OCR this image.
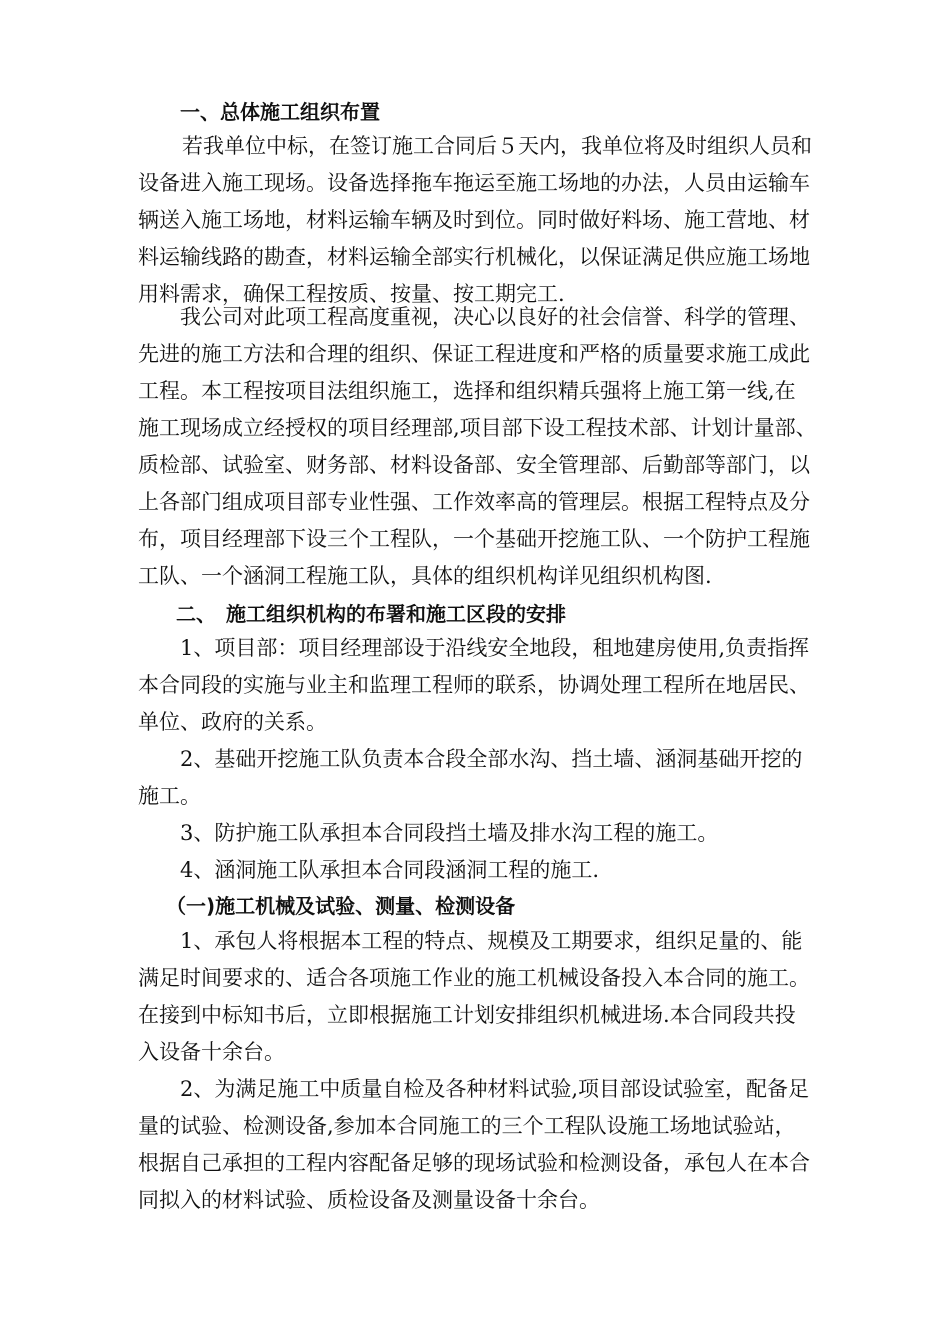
一、总体施工组织布置
若我单位中标，在签订施工合同后５天内，我单位将及时组织人员和
设备进入施工现场。设备选择拖车拖运至施工场地的办法，人员由运输车
辆送入施工场地，材料运输车辆及时到位。同时做好料场、施工营地、材
料运输线路的勘查，材料运输全部实行机械化，以保证满足供应施工场地
用料需求，确保工程按质、按量、按工期完工.
我公司对此项工程高度重视，决心以良好的社会信誉、科学的管理、
先进的施工方法和合理的组织、保证工程进度和严格的质量要求施工成此
工程。本工程按项目法组织施工，选择和组织精兵强将上施工第一线,在
施工现场成立经授权的项目经理部,项目部下设工程技术部、计划计量部、
质检部、试验室、财务部、材料设备部、安全管理部、后勤部等部门，以
上各部门组成项目部专业性强、工作效率高的管理层。根据工程特点及分
布，项目经理部下设三个工程队，一个基础开挖施工队、一个防护工程施
工队、一个涵洞工程施工队，具体的组织机构详见组织机构图.
二、　施工组织机构的布署和施工区段的安排
1、项目部：项目经理部设于沿线安全地段，租地建房使用,负责指挥
本合同段的实施与业主和监理工程师的联系，协调处理工程所在地居民、
单位、政府的关系。
2、基础开挖施工队负责本合段全部水沟、挡土墙、涵洞基础开挖的
施工。
3、防护施工队承担本合同段挡土墙及排水沟工程的施工。
4、涵洞施工队承担本合同段涵洞工程的施工.
（一)施工机械及试验、测量、检测设备
1、承包人将根据本工程的特点、规模及工期要求，组织足量的、能
满足时间要求的、适合各项施工作业的施工机械设备投入本合同的施工。
在接到中标知书后，立即根据施工计划安排组织机械进场.本合同段共投
入设备十余台。
2、为满足施工中质量自检及各种材料试验,项目部设试验室，配备足
量的试验、检测设备,参加本合同施工的三个工程队设施工场地试验站，
根据自己承担的工程内容配备足够的现场试验和检测设备，承包人在本合
同拟入的材料试验、质检设备及测量设备十余台。
